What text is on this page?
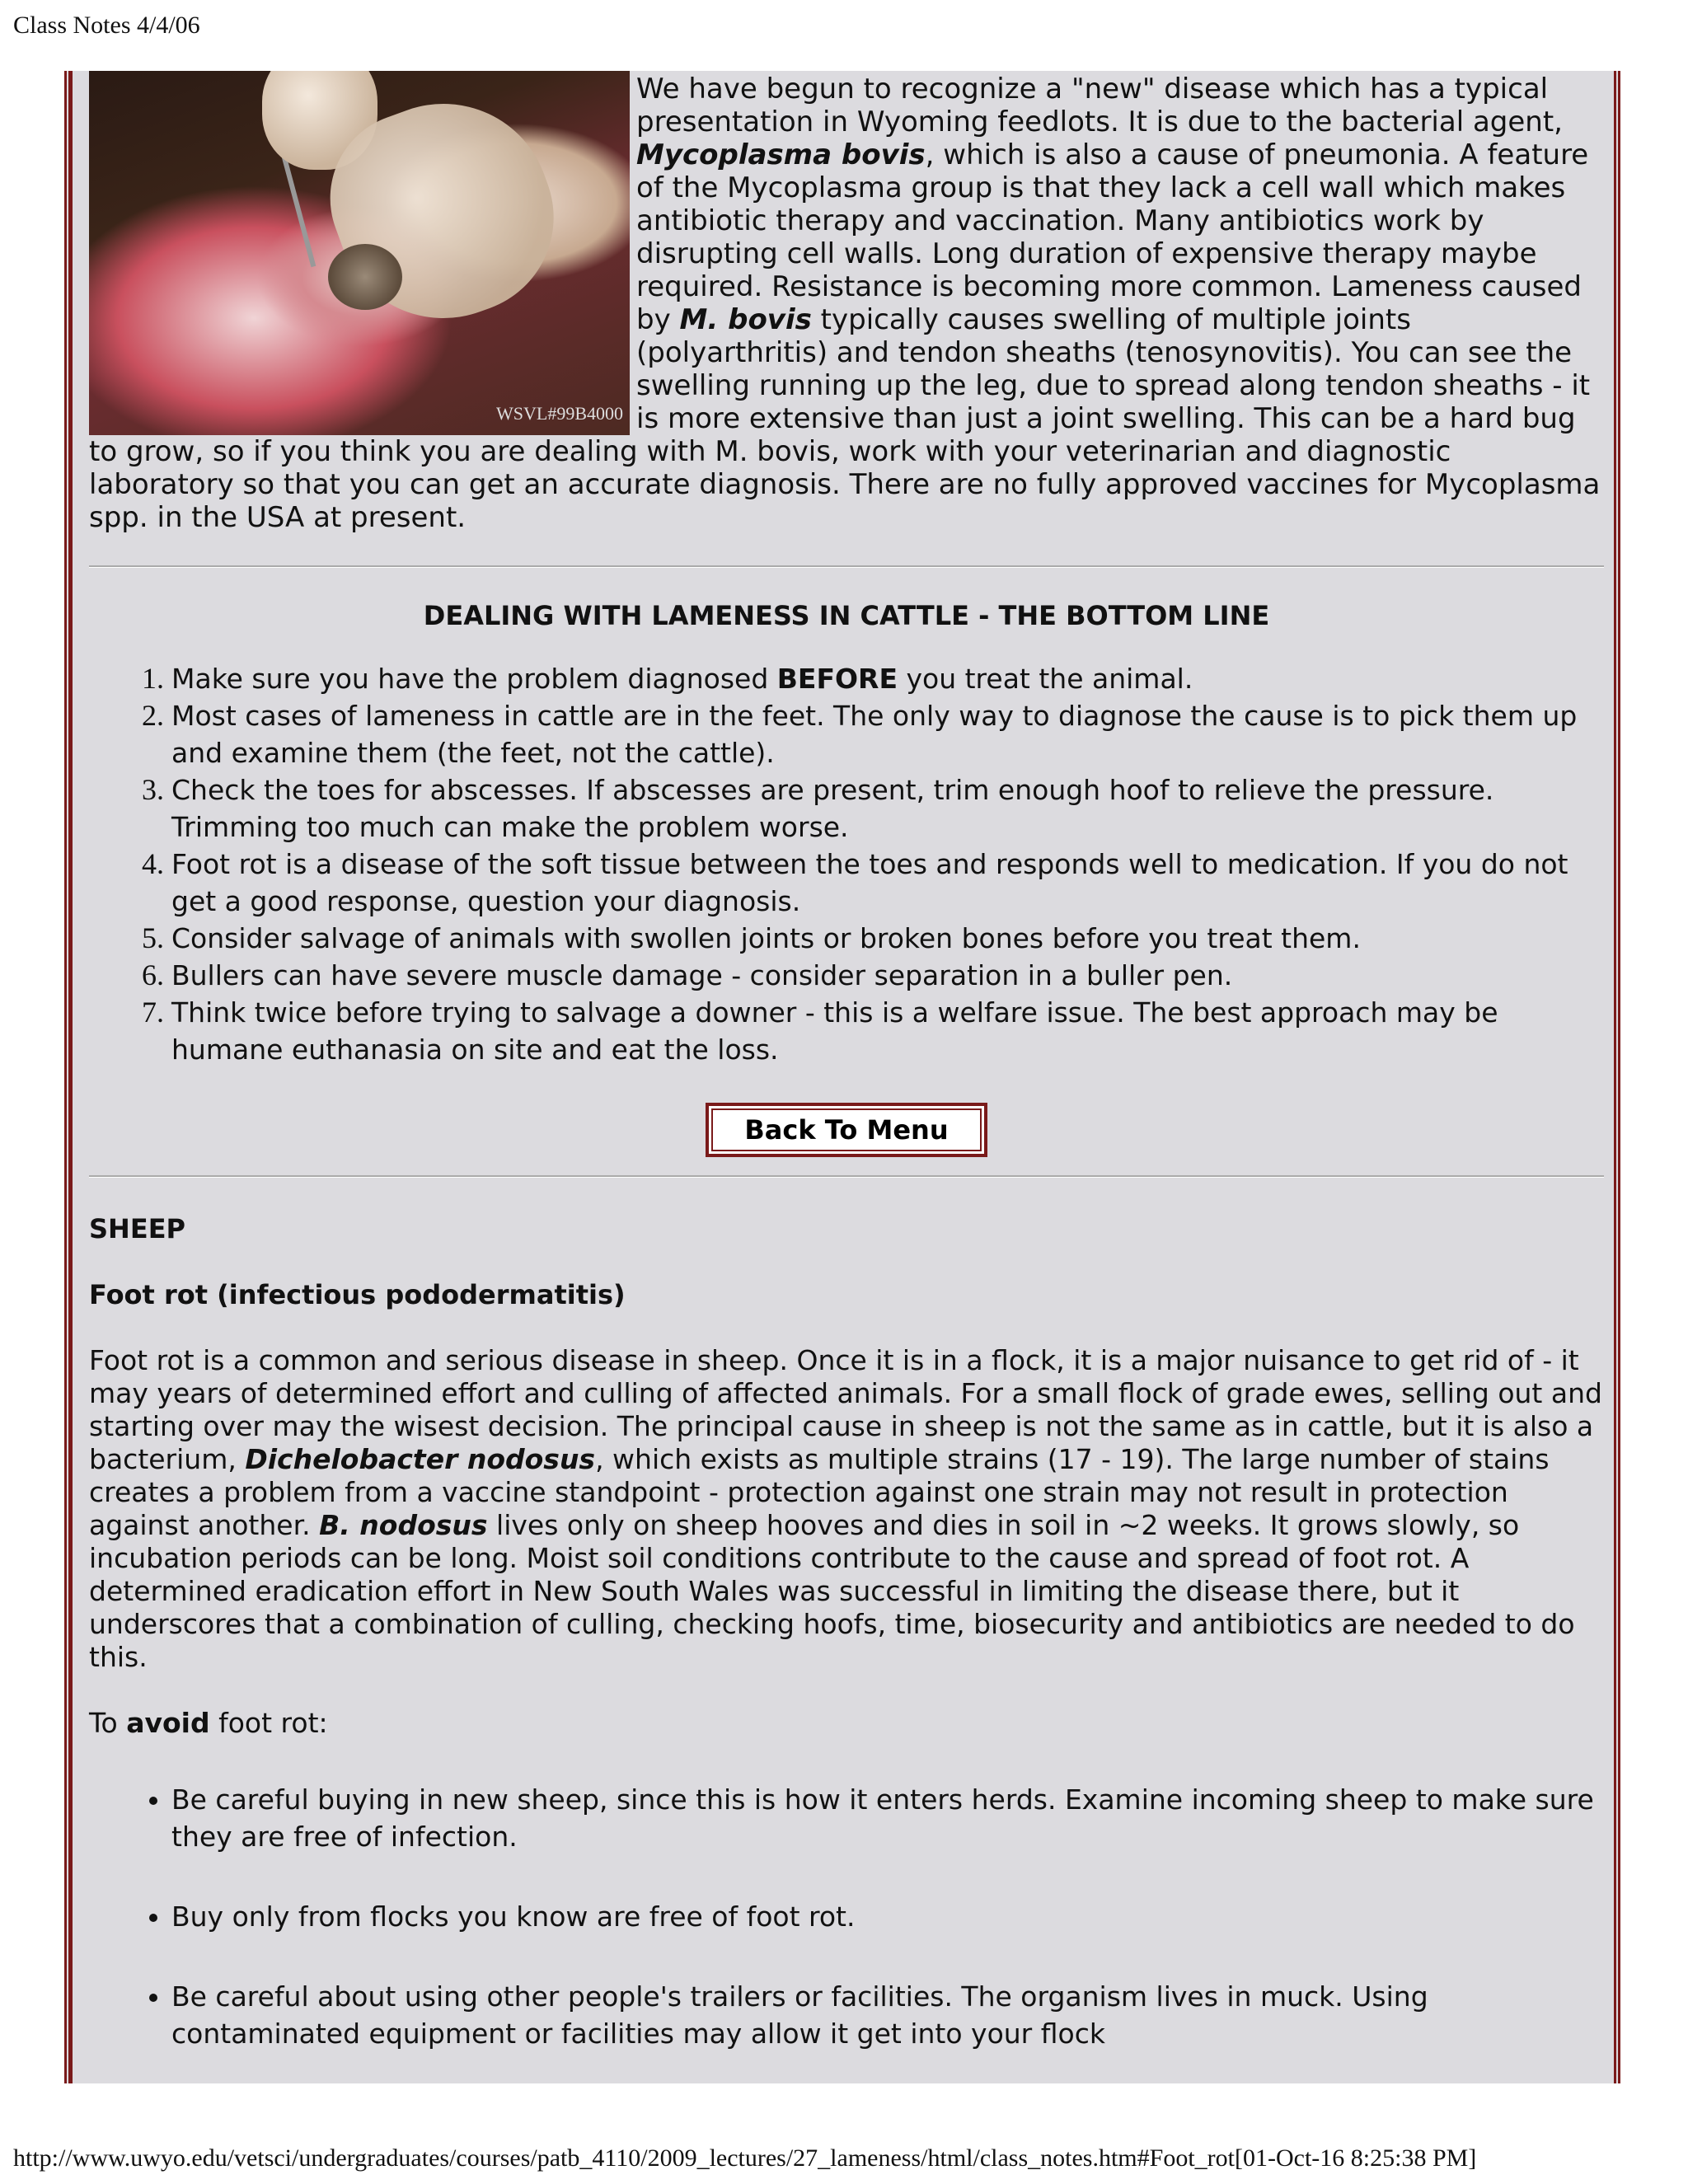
Class Notes 4/4/06
WSVL#99B4000

We have begun to recognize a "new" disease which has a typical presentation in Wyoming feedlots. It is due to the bacterial agent, Mycoplasma bovis, which is also a cause of pneumonia. A feature of the Mycoplasma group is that they lack a cell wall which makes antibiotic therapy and vaccination. Many antibiotics work by disrupting cell walls. Long duration of expensive therapy maybe required. Resistance is becoming more common. Lameness caused by M. bovis typically causes swelling of multiple joints (polyarthritis) and tendon sheaths (tenosynovitis). You can see the swelling running up the leg, due to spread along tendon sheaths - it is more extensive than just a joint swelling. This can be a hard bug to grow, so if you think you are dealing with M. bovis, work with your veterinarian and diagnostic laboratory so that you can get an accurate diagnosis. There are no fully approved vaccines for Mycoplasma spp. in the USA at present.

DEALING WITH LAMENESS IN CATTLE - THE BOTTOM LINE
1. Make sure you have the problem diagnosed BEFORE you treat the animal.
2. Most cases of lameness in cattle are in the feet. The only way to diagnose the cause is to pick them up and examine them (the feet, not the cattle).
3. Check the toes for abscesses. If abscesses are present, trim enough hoof to relieve the pressure. Trimming too much can make the problem worse.
4. Foot rot is a disease of the soft tissue between the toes and responds well to medication. If you do not get a good response, question your diagnosis.
5. Consider salvage of animals with swollen joints or broken bones before you treat them.
6. Bullers can have severe muscle damage - consider separation in a buller pen.
7. Think twice before trying to salvage a downer - this is a welfare issue. The best approach may be humane euthanasia on site and eat the loss.
Back To Menu
SHEEP
Foot rot (infectious pododermatitis)

Foot rot is a common and serious disease in sheep. Once it is in a flock, it is a major nuisance to get rid of - it may years of determined effort and culling of affected animals. For a small flock of grade ewes, selling out and starting over may the wisest decision. The principal cause in sheep is not the same as in cattle, but it is also a bacterium, Dichelobacter nodosus, which exists as multiple strains (17 - 19). The large number of stains creates a problem from a vaccine standpoint - protection against one strain may not result in protection against another. B. nodosus lives only on sheep hooves and dies in soil in ~2 weeks. It grows slowly, so incubation periods can be long. Moist soil conditions contribute to the cause and spread of foot rot. A determined eradication effort in New South Wales was successful in limiting the disease there, but it underscores that a combination of culling, checking hoofs, time, biosecurity and antibiotics are needed to do this.

To avoid foot rot:

• Be careful buying in new sheep, since this is how it enters herds. Examine incoming sheep to make sure they are free of infection.
• Buy only from flocks you know are free of foot rot.
• Be careful about using other people's trailers or facilities. The organism lives in muck. Using contaminated equipment or facilities may allow it get into your flock
http://www.uwyo.edu/vetsci/undergraduates/courses/patb_4110/2009_lectures/27_lameness/html/class_notes.htm#Foot_rot[01-Oct-16 8:25:38 PM]
